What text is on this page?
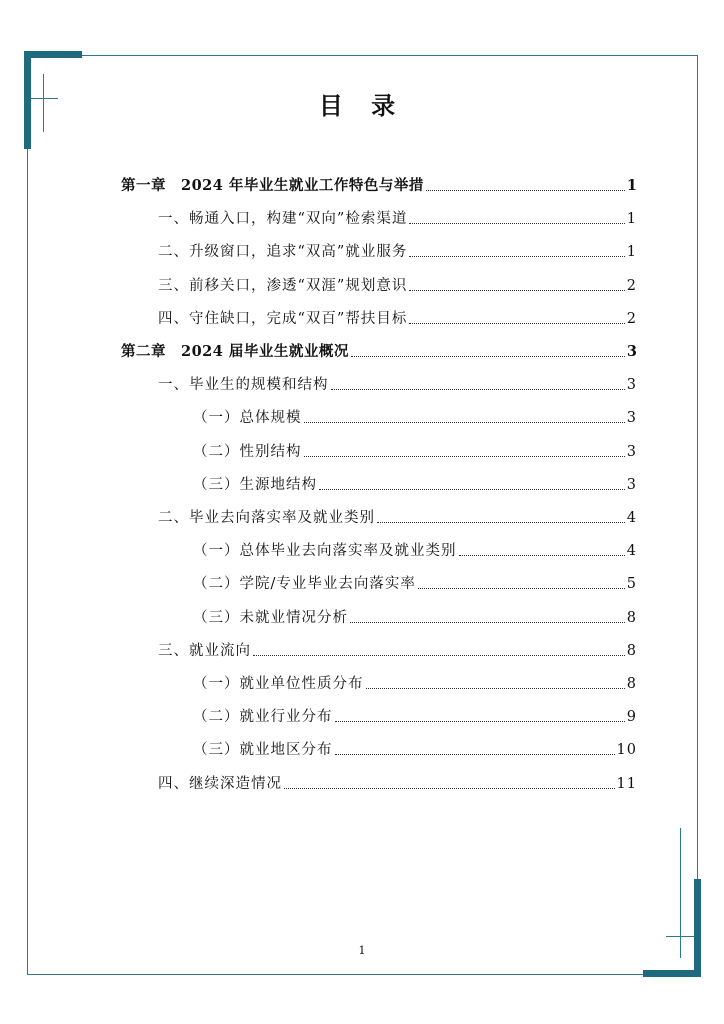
目 录
第一章　2024 年毕业生就业工作特色与举措	1
一、畅通入口，构建“双向”检索渠道	1
二、升级窗口，追求“双高”就业服务	1
三、前移关口，渗透“双涯”规划意识	2
四、守住缺口，完成“双百”帮扶目标	2
第二章　2024 届毕业生就业概况	3
一、毕业生的规模和结构	3
（一）总体规模	3
（二）性别结构	3
（三）生源地结构	3
二、毕业去向落实率及就业类别	4
（一）总体毕业去向落实率及就业类别	4
（二）学院/专业毕业去向落实率	5
（三）未就业情况分析	8
三、就业流向	8
（一）就业单位性质分布	8
（二）就业行业分布	9
（三）就业地区分布	10
四、继续深造情况	11
1
